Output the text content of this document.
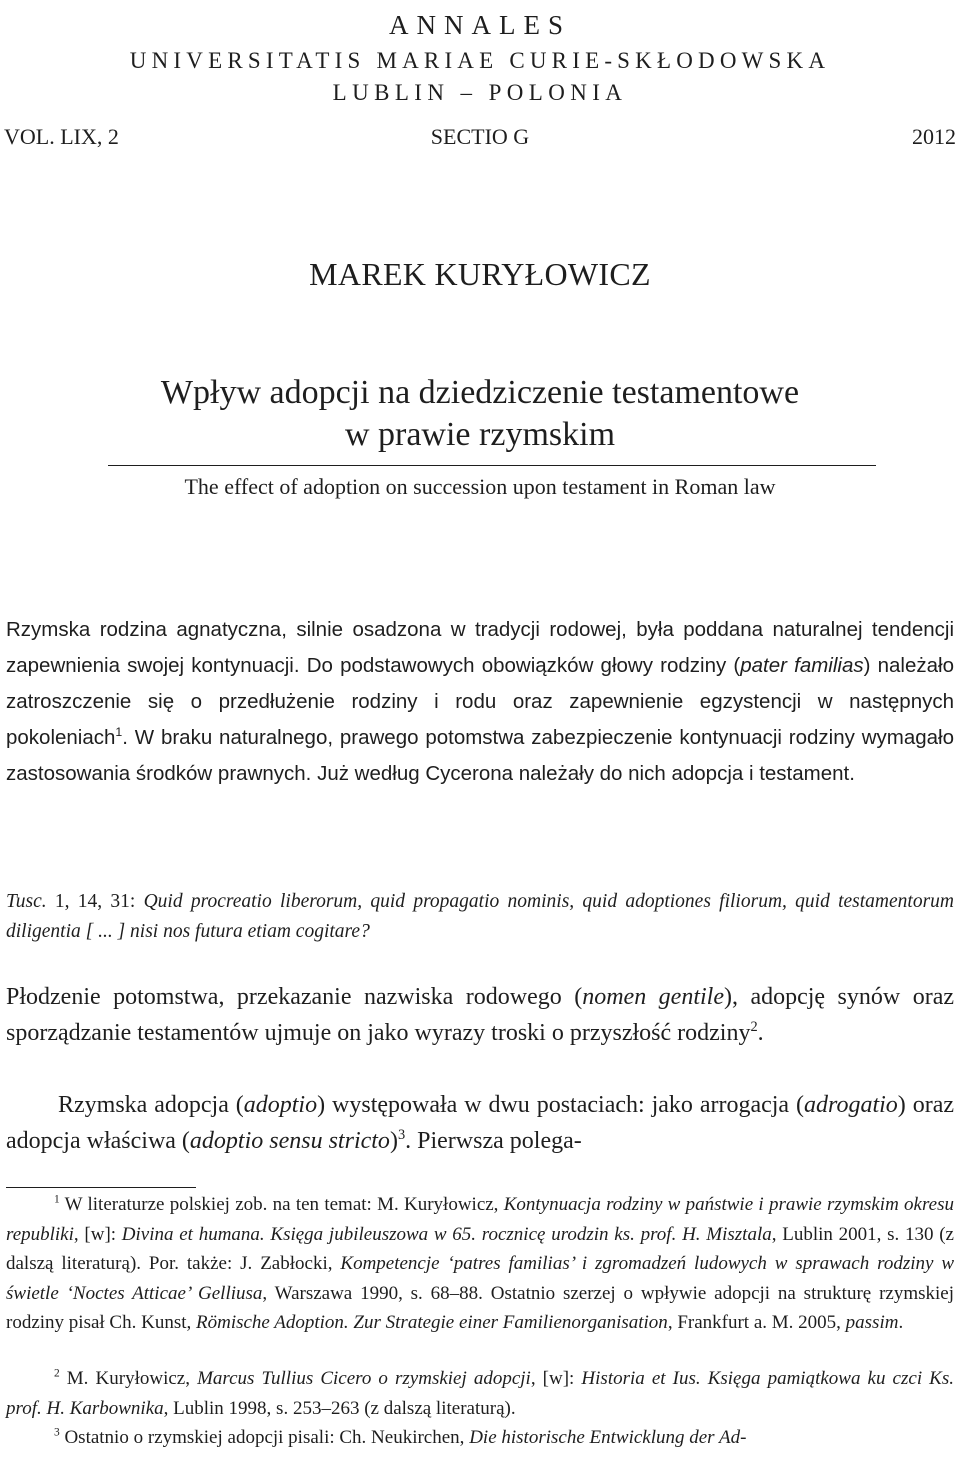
ANNALES
UNIVERSITATIS MARIAE CURIE-SKŁODOWSKA
LUBLIN – POLONIA
VOL. LIX, 2	SECTIO G	2012
MAREK KURYŁOWICZ
Wpływ adopcji na dziedziczenie testamentowe
w prawie rzymskim
The effect of adoption on succession upon testament in Roman law

Rzymska rodzina agnatyczna, silnie osadzona w tradycji rodowej, była poddana naturalnej tendencji zapewnienia swojej kontynuacji. Do podstawowych obowiązków głowy rodziny (pater familias) należało zatroszczenie się o przedłużenie rodziny i rodu oraz zapewnienie egzystencji w następnych pokoleniach$^1$. W braku naturalnego, prawego potomstwa zabezpieczenie kontynuacji rodziny wymagało zastosowania środków prawnych. Już według Cycerona należały do nich adopcja i testament.

Tusc. 1, 14, 31: Quid procreatio liberorum, quid propagatio nominis, quid adoptiones filiorum, quid testamentorum diligentia [ ... ] nisi nos futura etiam cogitare?

Płodzenie potomstwa, przekazanie nazwiska rodowego (nomen gentile), adopcję synów oraz sporządzanie testamentów ujmuje on jako wyrazy troski o przyszłość rodziny$^2$.

Rzymska adopcja (adoptio) występowała w dwu postaciach: jako arrogacja (adrogatio) oraz adopcja właściwa (adoptio sensu stricto)$^3$. Pierwsza polega-

$^1$ W literaturze polskiej zob. na ten temat: M. Kuryłowicz, Kontynuacja rodziny w państwie i prawie rzymskim okresu republiki, [w]: Divina et humana. Księga jubileuszowa w 65. rocznicę urodzin ks. prof. H. Misztala, Lublin 2001, s. 130 (z dalszą literaturą). Por. także: J. Zabłocki, Kompetencje ‘patres familias’ i zgromadzeń ludowych w sprawach rodziny w świetle ‘Noctes Atticae’ Gelliusa, Warszawa 1990, s. 68–88. Ostatnio szerzej o wpływie adopcji na strukturę rzymskiej rodziny pisał Ch. Kunst, Römische Adoption. Zur Strategie einer Familienorganisation, Frankfurt a. M. 2005, passim.

$^2$ M. Kuryłowicz, Marcus Tullius Cicero o rzymskiej adopcji, [w]: Historia et Ius. Księga pamiątkowa ku czci Ks. prof. H. Karbownika, Lublin 1998, s. 253–263 (z dalszą literaturą).

$^3$ Ostatnio o rzymskiej adopcji pisali: Ch. Neukirchen, Die historische Entwicklung der Ad-
